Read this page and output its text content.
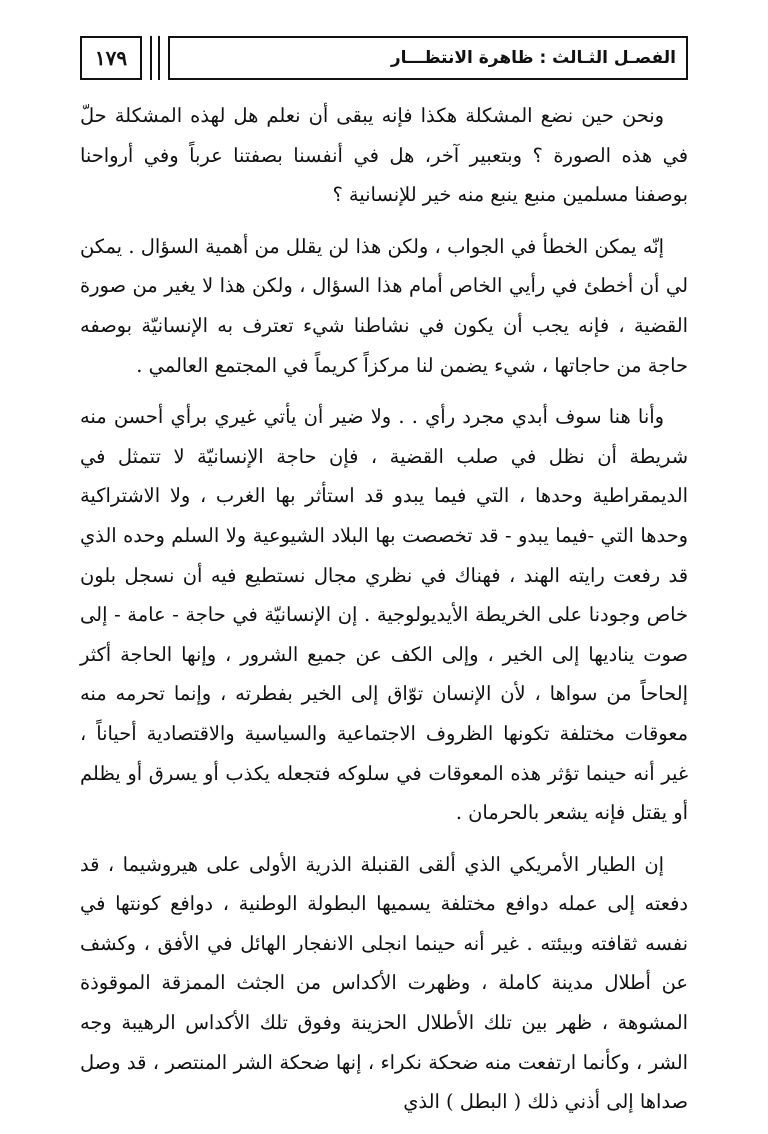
١٧٩	الفصـل الثـالث : ظاهرة الانتظـــار

ونحن حين نضع المشكلة هكذا فإنه يبقى أن نعلم هل لهذه المشكلة حلّ في هذه الصورة ؟ وبتعبير آخر، هل في أنفسنا بصفتنا عرباً وفي أرواحنا بوصفنا مسلمين منبع ينبع منه خير للإنسانية ؟

إنّه يمكن الخطأ في الجواب ، ولكن هذا لن يقلل من أهمية السؤال . يمكن لي أن أخطئ في رأيي الخاص أمام هذا السؤال ، ولكن هذا لا يغير من صورة القضية ، فإنه يجب أن يكون في نشاطنا شيء تعترف به الإنسانيّة بوصفه حاجة من حاجاتها ، شيء يضمن لنا مركزاً كريماً في المجتمع العالمي .

وأنا هنا سوف أبدي مجرد رأي . . ولا ضير أن يأتي غيري برأي أحسن منه شريطة أن نظل في صلب القضية ، فإن حاجة الإنسانيّة لا تتمثل في الديمقراطية وحدها ، التي فيما يبدو قد استأثر بها الغرب ، ولا الاشتراكية وحدها التي -فيما يبدو - قد تخصصت بها البلاد الشيوعية ولا السلم وحده الذي قد رفعت رايته الهند ، فهناك في نظري مجال نستطيع فيه أن نسجل بلون خاص وجودنا على الخريطة الأيديولوجية . إن الإنسانيّة في حاجة - عامة - إلى صوت يناديها إلى الخير ، وإلى الكف عن جميع الشرور ، وإنها الحاجة أكثر إلحاحاً من سواها ، لأن الإنسان توّاق إلى الخير بفطرته ، وإنما تحرمه منه معوقات مختلفة تكونها الظروف الاجتماعية والسياسية والاقتصادية أحياناً ، غير أنه حينما تؤثر هذه المعوقات في سلوكه فتجعله يكذب أو يسرق أو يظلم أو يقتل فإنه يشعر بالحرمان .

إن الطيار الأمريكي الذي ألقى القنبلة الذرية الأولى على هيروشيما ، قد دفعته إلى عمله دوافع مختلفة يسميها البطولة الوطنية ، دوافع كونتها في نفسه ثقافته وبيئته . غير أنه حينما انجلى الانفجار الهائل في الأفق ، وكشف عن أطلال مدينة كاملة ، وظهرت الأكداس من الجثث الممزقة الموقوذة المشوهة ، ظهر بين تلك الأطلال الحزينة وفوق تلك الأكداس الرهيبة وجه الشر ، وكأنما ارتفعت منه ضحكة نكراء ، إنها ضحكة الشر المنتصر ، قد وصل صداها إلى أذني ذلك ( البطل ) الذي
